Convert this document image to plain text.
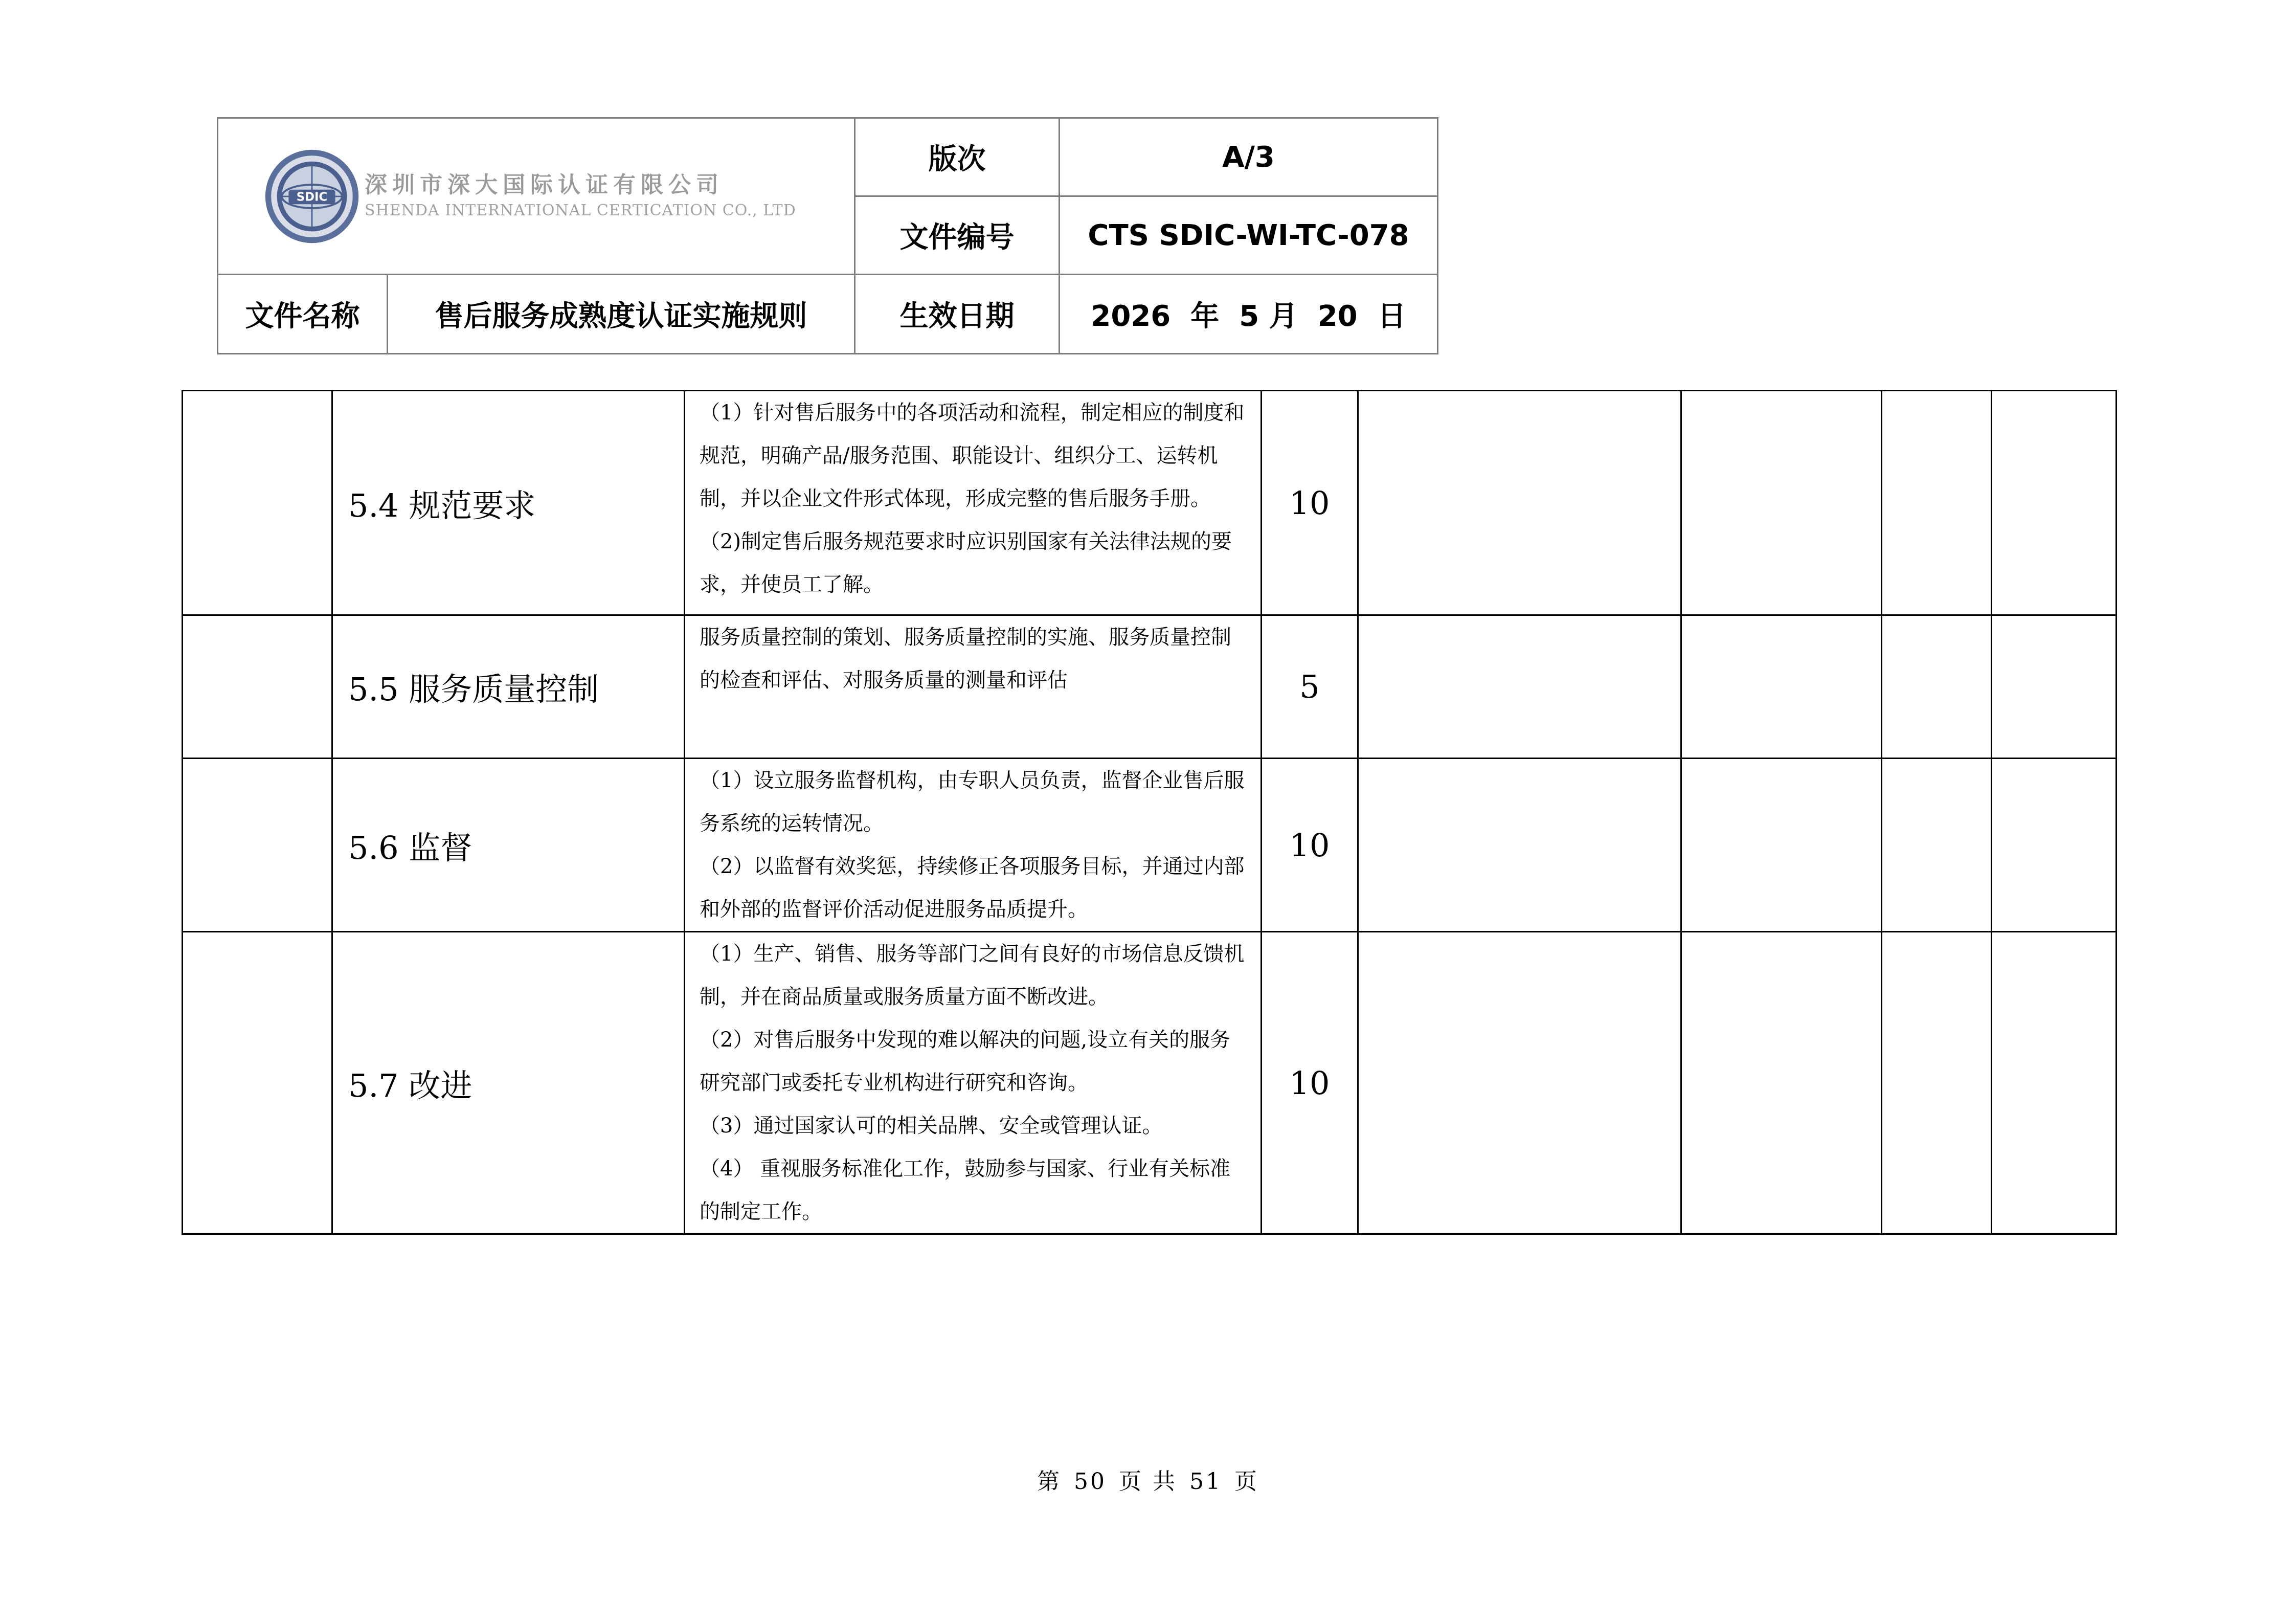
SDIC 深圳市深大国际认证有限公司
SHENDA INTERNATIONAL CERTICATION CO., LTD		版次	A/3
		文件编号	CTS SDIC-WI-TC-078
文件名称	售后服务成熟度认证实施规则	生效日期	2026  年  5 月  20  日
	5.4 规范要求	（1）针对售后服务中的各项活动和流程，制定相应的制度和规范，明确产品/服务范围、职能设计、组织分工、运转机制，并以企业文件形式体现，形成完整的售后服务手册。

（2)制定售后服务规范要求时应识别国家有关法律法规的要求，并使员工了解。	10				
	5.5 服务质量控制	服务质量控制的策划、服务质量控制的实施、服务质量控制的检查和评估、对服务质量的测量和评估	5				
	5.6 监督	（1）设立服务监督机构，由专职人员负责，监督企业售后服务系统的运转情况。

（2）以监督有效奖惩，持续修正各项服务目标，并通过内部和外部的监督评价活动促进服务品质提升。	10				
	5.7 改进	（1）生产、销售、服务等部门之间有良好的市场信息反馈机制，并在商品质量或服务质量方面不断改进。

（2）对售后服务中发现的难以解决的问题,设立有关的服务研究部门或委托专业机构进行研究和咨询。

（3）通过国家认可的相关品牌、安全或管理认证。

（4） 重视服务标准化工作，鼓励参与国家、行业有关标准的制定工作。	10				
第 50 页 共 51 页
